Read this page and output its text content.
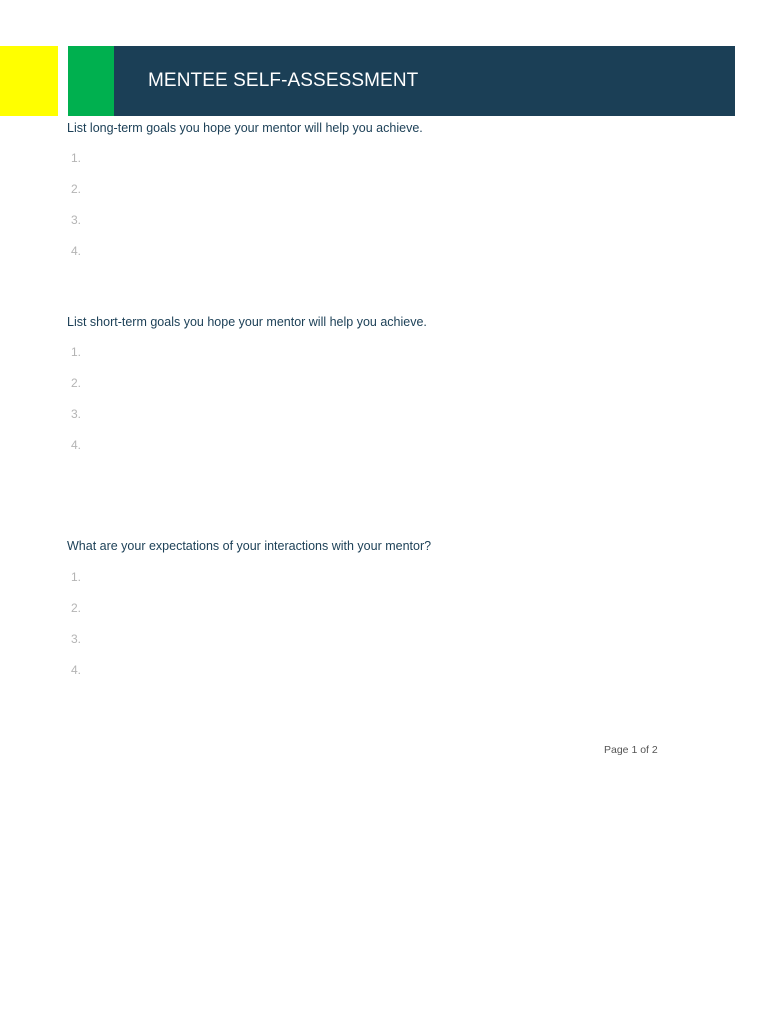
MENTEE SELF-ASSESSMENT
List long-term goals you hope your mentor will help you achieve.
1.
2.
3.
4.
List short-term goals you hope your mentor will help you achieve.
1.
2.
3.
4.
What are your expectations of your interactions with your mentor?
1.
2.
3.
4.
Page 1 of 2
